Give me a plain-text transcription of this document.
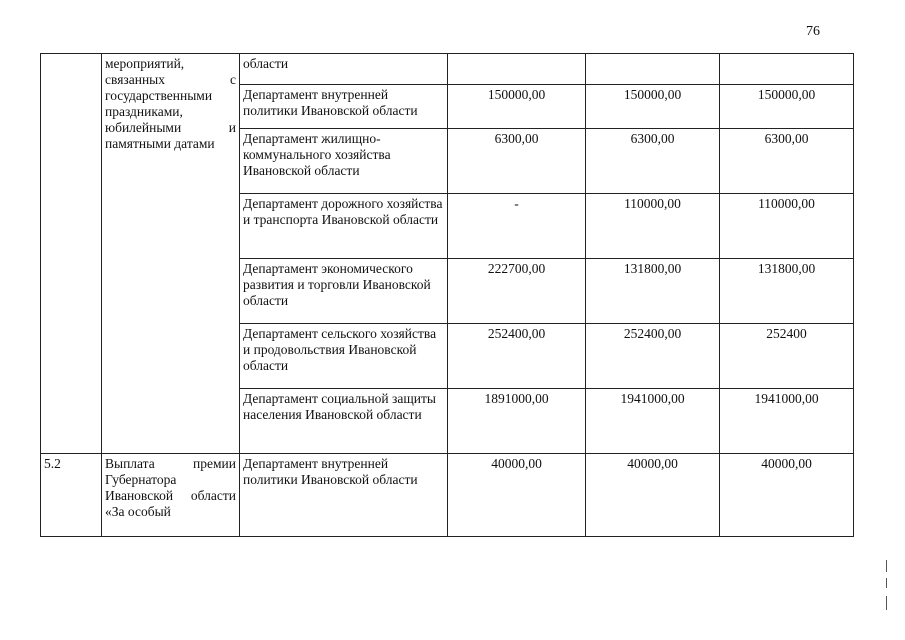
76
	мероприятий, связанных с государственными праздниками, юбилейными и памятными датами	области			
		Департамент внутренней политики Ивановской области	150000,00	150000,00	150000,00
		Департамент жилищно-коммунального хозяйства Ивановской области	6300,00	6300,00	6300,00
		Департамент дорожного хозяйства и транспорта Ивановской области	-	110000,00	110000,00
		Департамент экономического развития и торговли Ивановской области	222700,00	131800,00	131800,00
		Департамент сельского хозяйства и продовольствия Ивановской области	252400,00	252400,00	252400
		Департамент социальной защиты населения Ивановской области	1891000,00	1941000,00	1941000,00
5.2	Выплата премии Губернатора Ивановской области «За особый	Департамент внутренней политики Ивановской области	40000,00	40000,00	40000,00
